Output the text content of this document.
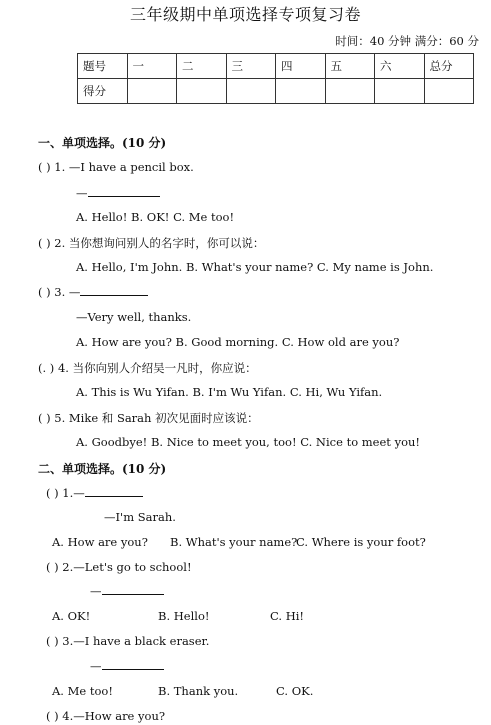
三年级期中单项选择专项复习卷
时间：40 分钟 满分：60 分
题号	一	二	三	四	五	六	总分
得分							
一、单项选择。(10 分)
( ) 1. —I have a pencil box.
—
A. Hello! B. OK! C. Me too!
( ) 2. 当你想询问别人的名字时，你可以说：
A. Hello, I'm John. B. What's your name? C. My name is John.
( ) 3. —
—Very well, thanks.
A. How are you? B. Good morning. C. How old are you?
(. ) 4. 当你向别人介绍吴一凡时，你应说：
A. This is Wu Yifan. B. I'm Wu Yifan. C. Hi, Wu Yifan.
( ) 5. Mike 和 Sarah 初次见面时应该说：
A. Goodbye! B. Nice to meet you, too! C. Nice to meet you!
二、单项选择。(10 分)
( ) 1.—
—I'm Sarah.
A. How are you? B. What's your name?
C. Where is your foot?
( ) 2.—Let's go to school!
—
A. OK!	B. Hello!	C. Hi!
( ) 3.—I have a black eraser.
—
A. Me too!	B. Thank you.	C. OK.
( ) 4.—How are you?
